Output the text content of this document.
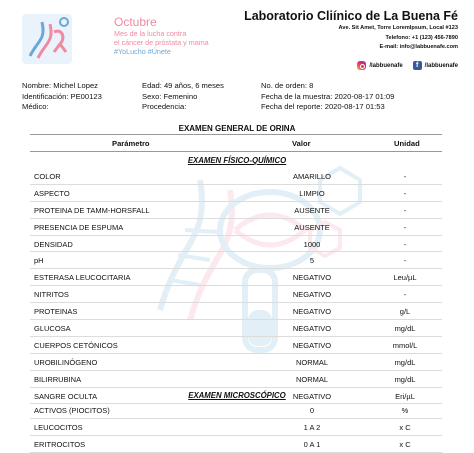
Octubre
Mes de la lucha contra
el cáncer de próstata y mama
#YoLucho #Únete
Laboratorio Cliínico de La Buena Fé
Ave. Sit Amet, Torre LoremIpsum, Local #123
Telefono: +1 (123) 456-7890
E-mail: info@labbuenafe.com
/labbuenafe	f	/labbuenafe
Nombre: Michel Lopez	Edad: 49 años, 6 meses	No. de orden: 8
Identificación: PE00123	Sexo: Femenino	Fecha de la muestra: 2020-08-17 01:09
Médico:	Procedencia:	Fecha del reporte: 2020-08-17 01:53
EXAMEN GENERAL DE ORINA
Parámetro	Valor	Unidad
EXAMEN FÍSICO-QUÍMICO
COLOR	AMARILLO	-
ASPECTO	LIMPIO	-
PROTEINA DE TAMM-HORSFALL	AUSENTE	-
PRESENCIA DE ESPUMA	AUSENTE	-
DENSIDAD	1000	-
pH	5	-
ESTERASA LEUCOCITARIA	NEGATIVO	Leu/µL
NITRITOS	NEGATIVO	-
PROTEINAS	NEGATIVO	g/L
GLUCOSA	NEGATIVO	mg/dL
CUERPOS CETÓNICOS	NEGATIVO	mmol/L
UROBILINÓGENO	NORMAL	mg/dL
BILIRRUBINA	NORMAL	mg/dL
SANGRE OCULTA	NEGATIVO	Eri/µL
EXAMEN MICROSCÓPICO
ACTIVOS (PIOCITOS)	0	%
LEUCOCITOS	1 A 2	x C
ERITROCITOS	0 A 1	x C
